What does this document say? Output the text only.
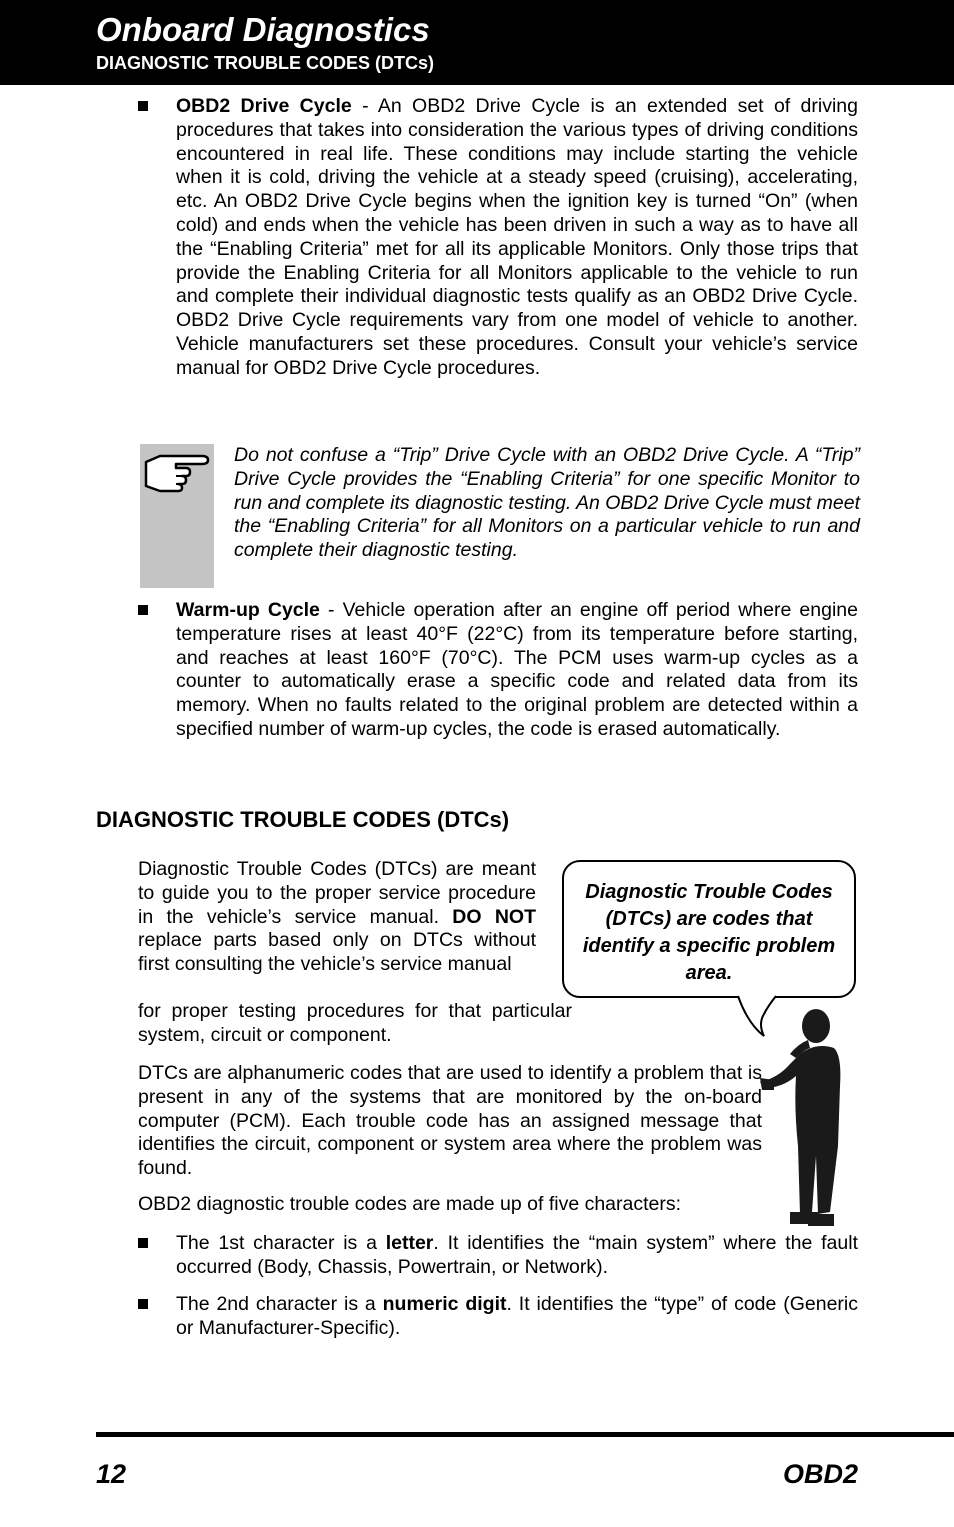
Onboard Diagnostics
DIAGNOSTIC TROUBLE CODES (DTCs)
OBD2 Drive Cycle - An OBD2 Drive Cycle is an extended set of driving procedures that takes into consideration the various types of driving conditions encountered in real life. These conditions may include starting the vehicle when it is cold, driving the vehicle at a steady speed (cruising), accelerating, etc. An OBD2 Drive Cycle begins when the ignition key is turned “On” (when cold) and ends when the vehicle has been driven in such a way as to have all the “Enabling Criteria” met for all its applicable Monitors. Only those trips that provide the Enabling Criteria for all Monitors applicable to the vehicle to run and complete their individual diagnostic tests qualify as an OBD2 Drive Cycle. OBD2 Drive Cycle requirements vary from one model of vehicle to another. Vehicle manufacturers set these procedures. Consult your vehicle’s service manual for OBD2 Drive Cycle procedures.
Do not confuse a “Trip” Drive Cycle with an OBD2 Drive Cycle. A “Trip” Drive Cycle provides the “Enabling Criteria” for one specific Monitor to run and complete its diagnostic testing. An OBD2 Drive Cycle must meet the “Enabling Criteria” for all Monitors on a particular vehicle to run and complete their diagnostic testing.
Warm-up Cycle - Vehicle operation after an engine off period where engine temperature rises at least 40°F (22°C) from its temperature before starting, and reaches at least 160°F (70°C). The PCM uses warm-up cycles as a counter to automatically erase a specific code and related data from its memory. When no faults related to the original problem are detected within a specified number of warm-up cycles, the code is erased automatically.
DIAGNOSTIC TROUBLE CODES (DTCs)

Diagnostic Trouble Codes (DTCs) are meant to guide you to the proper service procedure in the vehicle’s service manual. DO NOT replace parts based only on DTCs without first consulting the vehicle’s service manual

for proper testing procedures for that particular system, circuit or component.

Diagnostic Trouble Codes (DTCs) are codes that identify a specific problem area.

DTCs are alphanumeric codes that are used to identify a problem that is present in any of the systems that are monitored by the on-board computer (PCM). Each trouble code has an assigned message that identifies the circuit, component or system area where the problem was found.

OBD2 diagnostic trouble codes are made up of five characters:

The 1st character is a letter. It identifies the “main system” where the fault occurred (Body, Chassis, Powertrain, or Network).
The 2nd character is a numeric digit. It identifies the “type” of code (Generic or Manufacturer-Specific).
12	OBD2
